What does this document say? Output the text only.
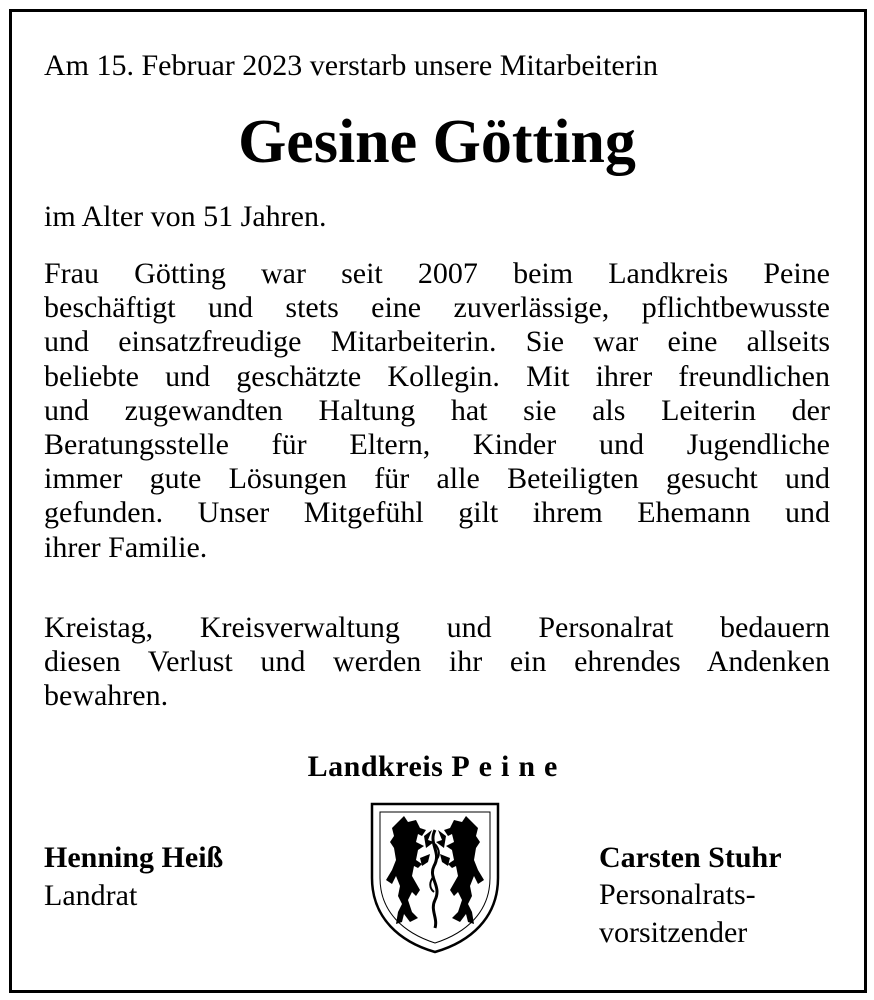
Am 15. Februar 2023 verstarb unsere Mitarbeiterin
Gesine Götting
im Alter von 51 Jahren.
Frau Götting war seit 2007 beim Landkreis Peine
beschäftigt und stets eine zuverlässige, pflichtbewusste
und einsatzfreudige Mitarbeiterin. Sie war eine allseits
beliebte und geschätzte Kollegin. Mit ihrer freundlichen
und zugewandten Haltung hat sie als Leiterin der
Beratungsstelle für Eltern, Kinder und Jugendliche
immer gute Lösungen für alle Beteiligten gesucht und
gefunden. Unser Mitgefühl gilt ihrem Ehemann und
ihrer Familie.
Kreistag, Kreisverwaltung und Personalrat bedauern
diesen Verlust und werden ihr ein ehrendes Andenken
bewahren.
Landkreis Peine
Henning Heiß
Landrat
Carsten Stuhr
Personalrats-
vorsitzender
